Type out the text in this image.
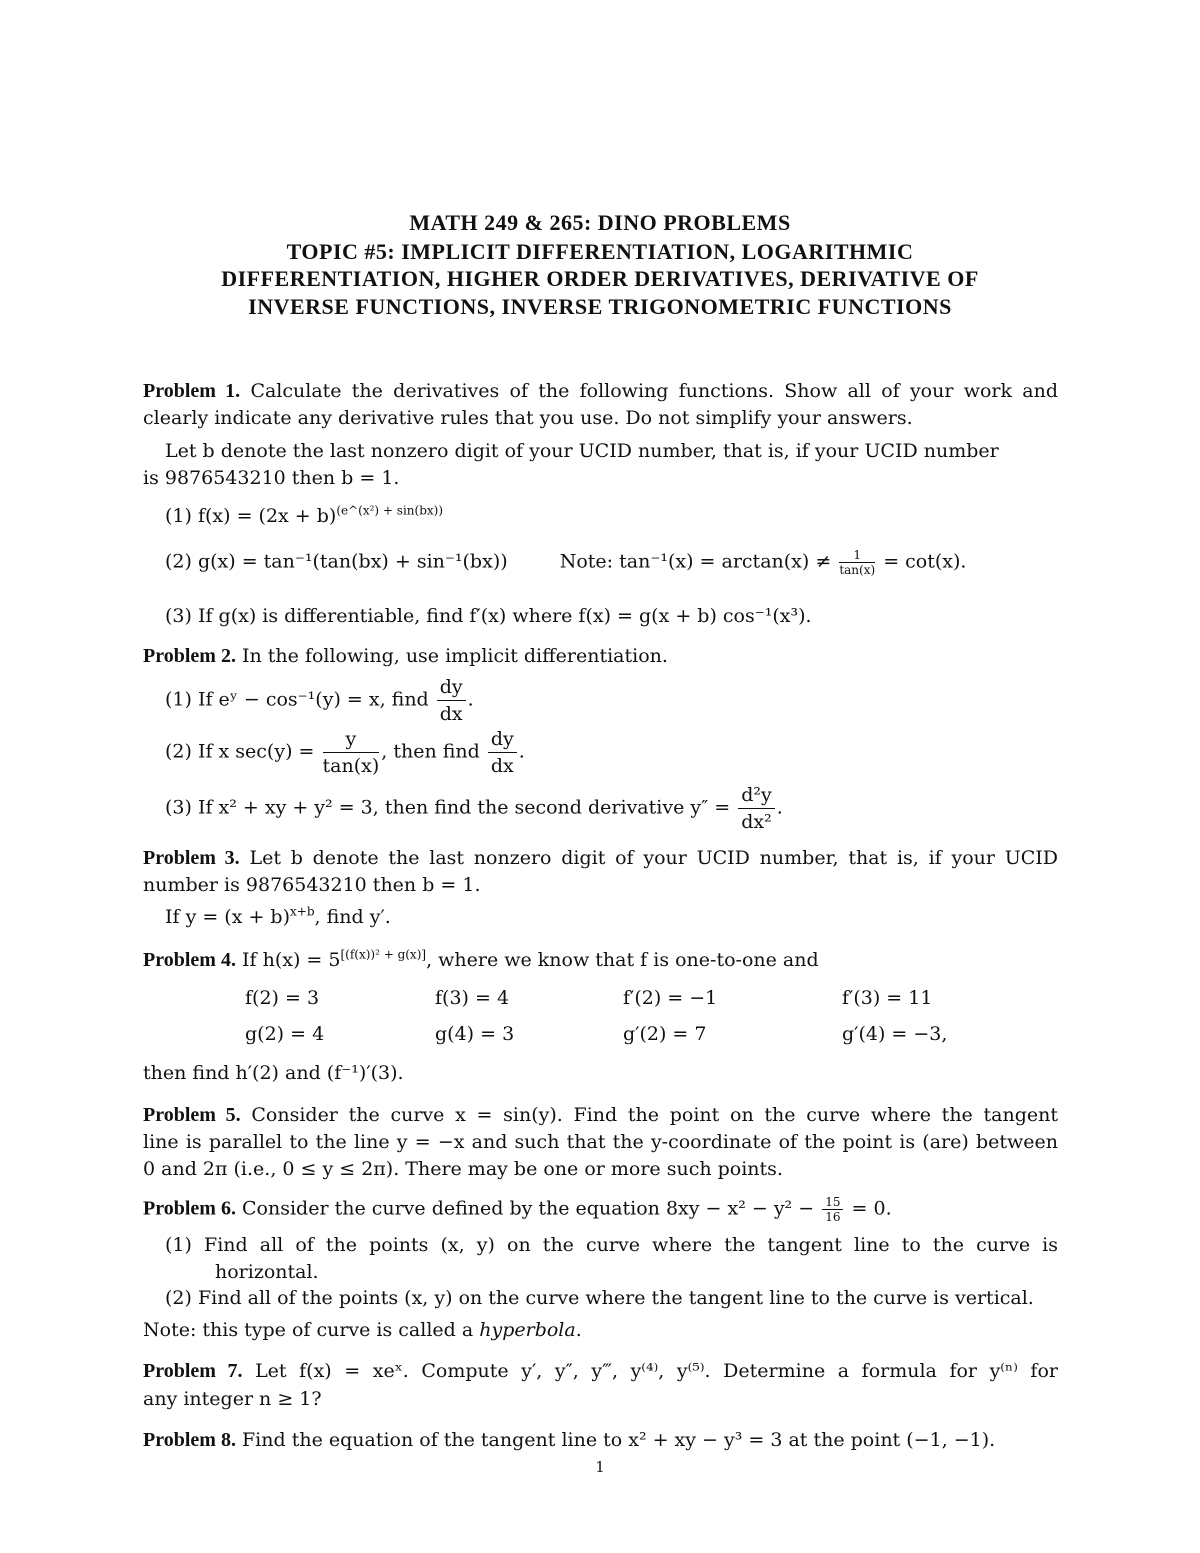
MATH 249 & 265: DINO PROBLEMS
TOPIC #5: IMPLICIT DIFFERENTIATION, LOGARITHMIC
DIFFERENTIATION, HIGHER ORDER DERIVATIVES, DERIVATIVE OF
INVERSE FUNCTIONS, INVERSE TRIGONOMETRIC FUNCTIONS
Problem 1. Calculate the derivatives of the following functions. Show all of your work and
clearly indicate any derivative rules that you use. Do not simplify your answers.
Let b denote the last nonzero digit of your UCID number, that is, if your UCID number
is 9876543210 then b = 1.
(1) $f(x) = (2x + b)^{(e\^{}(x^2) + sin(bx))}$
(2) g(x) = tan⁻¹(tan(bx) + sin⁻¹(bx))	Note: $\tan^{-1}(x) = \arctan(x) \ne \frac{1}{\tan(x)} = \cot(x)$.
(3) If g(x) is differentiable, find f′(x) where f(x) = g(x + b) cos⁻¹(x³).
Problem 2. In the following, use implicit differentiation.
(1) If eʸ − cos⁻¹(y) = x, find $\frac{dy}{dx}$ .
(2) If x $\sec(y) = \frac{y}{\tan(x)}$ , then find $\frac{dy}{dx}$ .
(3) If x² + xy + y² = 3, then find the second derivative $y'' = \frac{\text{d²y}}{\text{dx²}}$ .
Problem 3. Let b denote the last nonzero digit of your UCID number, that is, if your UCID
number is 9876543210 then b = 1.
If $y = (x + b)^{x+b}$, find y′.
Problem 4. If h(x) = 5[(f(x))² + g(x)], where we know that f is one-to-one and
f(2) = 3	f(3) = 4	f′(2) = −1	f′(3) = 11
g(2) = 4	g(4) = 3	g′(2) = 7	g′(4) = −3,
then find h′(2) and (f⁻¹)′(3).
Problem 5. Consider the curve x = sin(y). Find the point on the curve where the tangent
line is parallel to the line y = −x and such that the y-coordinate of the point is (are) between
0 and 2π (i.e., 0 ≤ y ≤ 2π). There may be one or more such points.
Problem 6. Consider the curve defined by the equation $8xy - x^2 - y^2 - \frac{15}{16} = 0$.
(1) Find all of the points (x, y) on the curve where the tangent line to the curve is
horizontal.
(2) Find all of the points (x, y) on the curve where the tangent line to the curve is vertical.
Note: this type of curve is called a hyperbola.
Problem 7. Let f(x) = xeˣ. Compute y′, y″, y‴, y⁽⁴⁾, y⁽⁵⁾. Determine a formula for y⁽ⁿ⁾ for
any integer n ≥ 1?
Problem 8. Find the equation of the tangent line to x² + xy − y³ = 3 at the point (−1, −1).
1
